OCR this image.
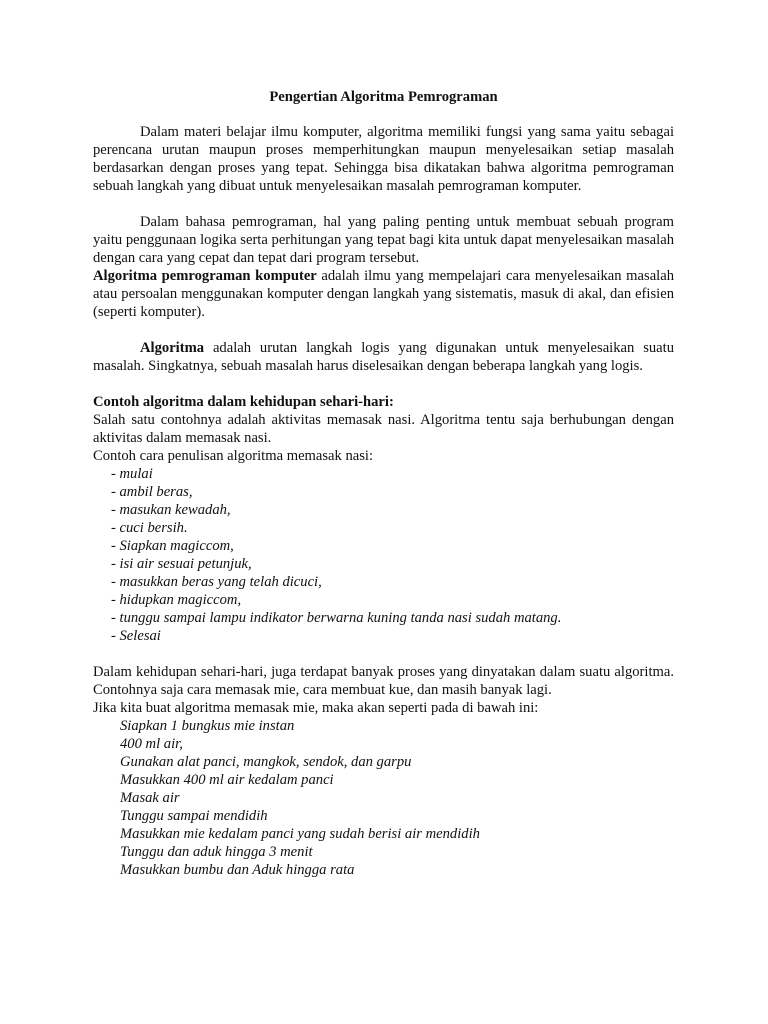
Pengertian Algoritma Pemrograman

Dalam materi belajar ilmu komputer, algoritma memiliki fungsi yang sama yaitu sebagai perencana urutan maupun proses memperhitungkan maupun menyelesaikan setiap masalah berdasarkan dengan proses yang tepat. Sehingga bisa dikatakan bahwa algoritma pemrograman sebuah langkah yang dibuat untuk menyelesaikan masalah pemrograman komputer.

Dalam bahasa pemrograman, hal yang paling penting untuk membuat sebuah program yaitu penggunaan logika serta perhitungan yang tepat bagi kita untuk dapat menyelesaikan masalah dengan cara yang cepat dan tepat dari program tersebut.

Algoritma pemrograman komputer adalah ilmu yang mempelajari cara menyelesaikan masalah atau persoalan menggunakan komputer dengan langkah yang sistematis, masuk di akal, dan efisien (seperti komputer).

Algoritma adalah urutan langkah logis yang digunakan untuk menyelesaikan suatu masalah. Singkatnya, sebuah masalah harus diselesaikan dengan beberapa langkah yang logis.

Contoh algoritma dalam kehidupan sehari-hari:

Salah satu contohnya adalah aktivitas memasak nasi. Algoritma tentu saja berhubungan dengan aktivitas dalam memasak nasi.

Contoh cara penulisan algoritma memasak nasi:

- mulai
- ambil beras,
- masukan kewadah,
- cuci bersih.
- Siapkan magiccom,
- isi air sesuai petunjuk,
- masukkan beras yang telah dicuci,
- hidupkan magiccom,
- tunggu sampai lampu indikator berwarna kuning tanda nasi sudah matang.
- Selesai

Dalam kehidupan sehari-hari, juga terdapat banyak proses yang dinyatakan dalam suatu algoritma. Contohnya saja cara memasak mie, cara membuat kue, dan masih banyak lagi.

Jika kita buat algoritma memasak mie, maka akan seperti pada di bawah ini:

Siapkan 1 bungkus mie instan
400 ml air,
Gunakan alat panci, mangkok, sendok, dan garpu
Masukkan 400 ml air kedalam panci
Masak air
Tunggu sampai mendidih
Masukkan mie kedalam panci yang sudah berisi air mendidih
Tunggu dan aduk hingga 3 menit
Masukkan bumbu dan Aduk hingga rata
